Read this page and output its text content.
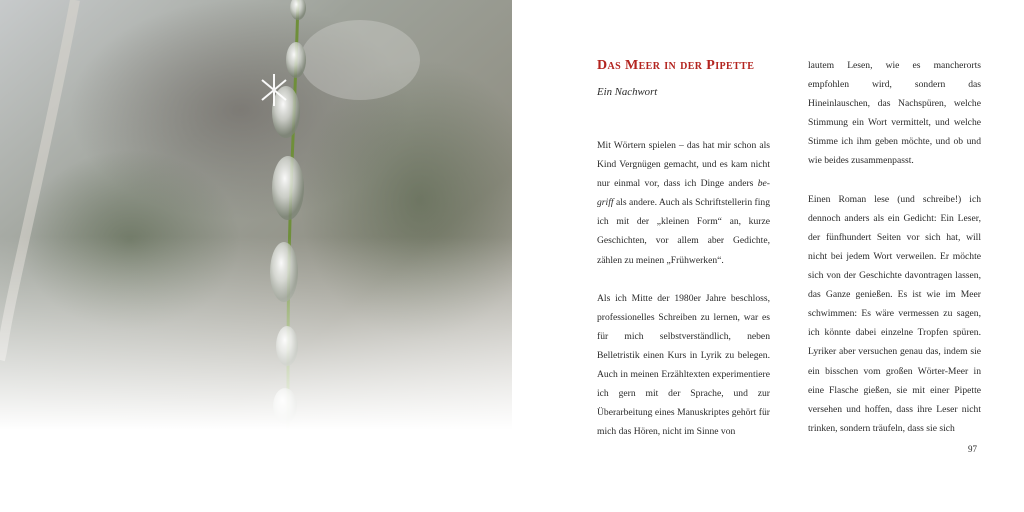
Das Meer in der Pipette

Ein Nachwort

Mit Wörtern spielen – das hat mir schon als Kind Vergnügen gemacht, und es kam nicht nur einmal vor, dass ich Dinge anders be-griff als andere. Auch als Schriftstellerin fing ich mit der „kleinen Form“ an, kurze Geschichten, vor allem aber Gedichte, zählen zu meinen „Frühwerken“.

Als ich Mitte der 1980er Jahre beschloss, professionelles Schreiben zu lernen, war es für mich selbstverständlich, neben Belletristik einen Kurs in Lyrik zu belegen. Auch in meinen Erzähltexten experimentiere ich gern mit der Sprache, und zur Überarbeitung eines Manuskriptes gehört für mich das Hören, nicht im Sinne von

lautem Lesen, wie es mancherorts empfohlen wird, sondern das Hineinlauschen, das Nachspüren, welche Stimmung ein Wort vermittelt, und welche Stimme ich ihm geben möchte, und ob und wie beides zusammenpasst.

Einen Roman lese (und schreibe!) ich dennoch anders als ein Gedicht: Ein Leser, der fünfhundert Seiten vor sich hat, will nicht bei jedem Wort verweilen. Er möchte sich von der Geschichte davontragen lassen, das Ganze genießen. Es ist wie im Meer schwimmen: Es wäre vermessen zu sagen, ich könnte dabei einzelne Tropfen spüren. Lyriker aber versuchen genau das, indem sie ein bisschen vom großen Wörter-Meer in eine Flasche gießen, sie mit einer Pipette versehen und hoffen, dass ihre Leser nicht trinken, sondern träufeln, dass sie sich

97
